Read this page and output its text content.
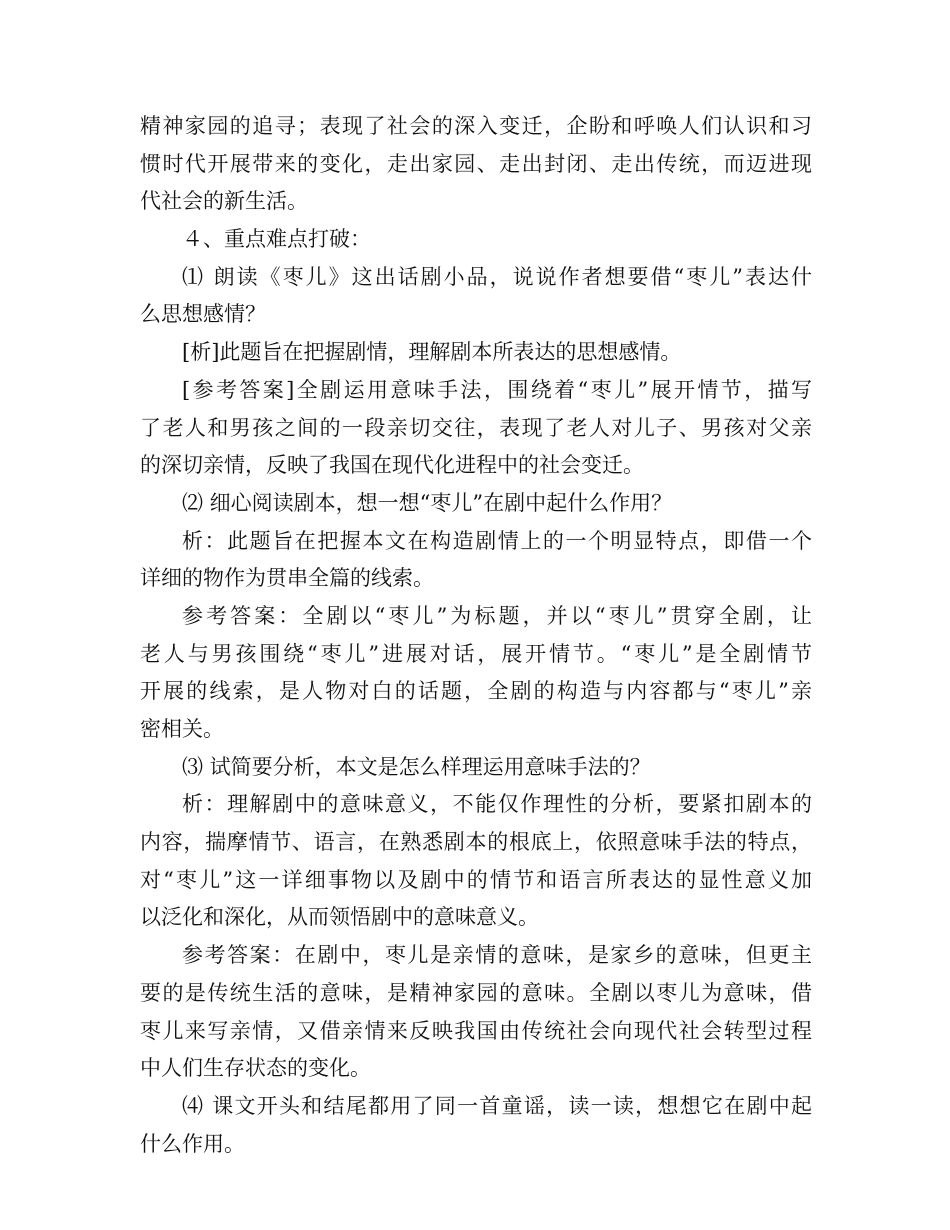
精神家园的追寻；表现了社会的深入变迁，企盼和呼唤人们认识和习
惯时代开展带来的变化，走出家园、走出封闭、走出传统，而迈进现
代社会的新生活。
４、重点难点打破：
⑴ 朗读《枣儿》这出话剧小品，说说作者想要借“枣儿”表达什
么思想感情？
[析]此题旨在把握剧情，理解剧本所表达的思想感情。
[参考答案]全剧运用意味手法，围绕着“枣儿”展开情节，描写
了老人和男孩之间的一段亲切交往，表现了老人对儿子、男孩对父亲
的深切亲情，反映了我国在现代化进程中的社会变迁。
⑵ 细心阅读剧本，想一想“枣儿”在剧中起什么作用？
析：此题旨在把握本文在构造剧情上的一个明显特点，即借一个
详细的物作为贯串全篇的线索。
参考答案：全剧以“枣儿”为标题，并以“枣儿”贯穿全剧，让
老人与男孩围绕“枣儿”进展对话，展开情节。“枣儿”是全剧情节
开展的线索，是人物对白的话题，全剧的构造与内容都与“枣儿”亲
密相关。
⑶ 试简要分析，本文是怎么样理运用意味手法的？
析：理解剧中的意味意义，不能仅作理性的分析，要紧扣剧本的
内容，揣摩情节、语言，在熟悉剧本的根底上，依照意味手法的特点，
对“枣儿”这一详细事物以及剧中的情节和语言所表达的显性意义加
以泛化和深化，从而领悟剧中的意味意义。
参考答案：在剧中，枣儿是亲情的意味，是家乡的意味，但更主
要的是传统生活的意味，是精神家园的意味。全剧以枣儿为意味，借
枣儿来写亲情，又借亲情来反映我国由传统社会向现代社会转型过程
中人们生存状态的变化。
⑷ 课文开头和结尾都用了同一首童谣，读一读，想想它在剧中起
什么作用。
